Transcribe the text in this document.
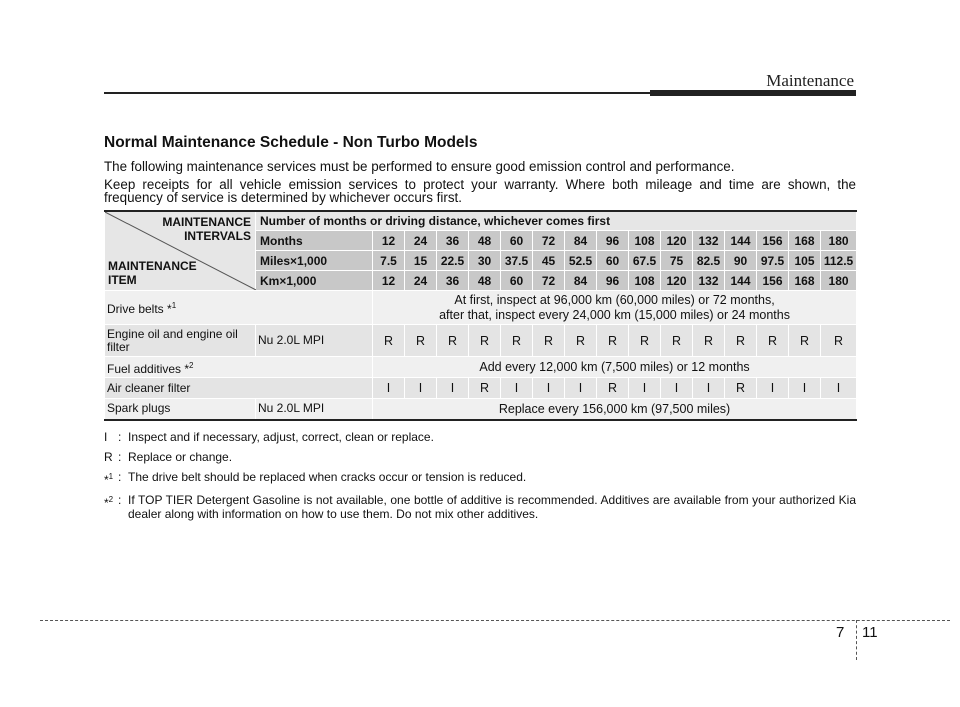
Maintenance
Normal Maintenance Schedule - Non Turbo Models
The following maintenance services must be performed to ensure good emission control and performance.
Keep receipts for all vehicle emission services to protect your warranty. Where both mileage and time are shown, the frequency of service is determined by whichever occurs first.
MAINTENANCE
INTERVALS
MAINTENANCE
ITEM	Number of months or driving distance, whichever comes first															
	Months	12	24	36	48	60	72	84	96	108	120	132	144	156	168	180
	Miles×1,000	7.5	15	22.5	30	37.5	45	52.5	60	67.5	75	82.5	90	97.5	105	112.5
	Km×1,000	12	24	36	48	60	72	84	96	108	120	132	144	156	168	180
Drive belts *$^1$		At first, inspect at 96,000 km (60,000 miles) or 72 months,
after that, inspect every 24,000 km (15,000 miles) or 24 months														

Engine oil and engine oil filter	Nu 2.0L MPI	R	R	R	R	R	R	R	R	R	R	R	R	R	R	R
Fuel additives *$^2$		Add every 12,000 km (7,500 miles) or 12 months														
Air cleaner filter		I	I	I	R	I	I	I	R	I	I	I	R	I	I	I
Spark plugs	Nu 2.0L MPI	Replace every 156,000 km (97,500 miles)														
I : Inspect and if necessary, adjust, correct, clean or replace.
R : Replace or change.
*$^1$ : The drive belt should be replaced when cracks occur or tension is reduced.
*$^2$ : If TOP TIER Detergent Gasoline is not available, one bottle of additive is recommended. Additives are available from your authorized Kia dealer along with information on how to use them. Do not mix other additives.
7 11
